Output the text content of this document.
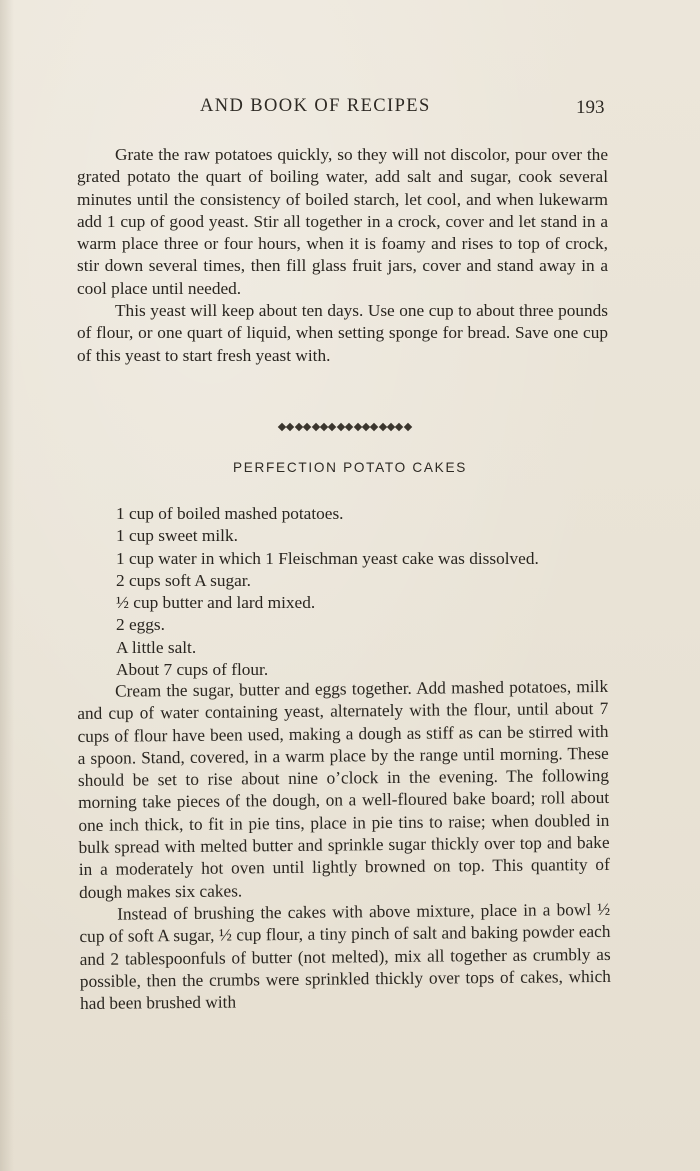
AND BOOK OF RECIPES	193

Grate the raw potatoes quickly, so they will not discolor, pour over the grated potato the quart of boiling water, add salt and sugar, cook several minutes until the consistency of boiled starch, let cool, and when lukewarm add 1 cup of good yeast. Stir all together in a crock, cover and let stand in a warm place three or four hours, when it is foamy and rises to top of crock, stir down several times, then fill glass fruit jars, cover and stand away in a cool place until needed.

This yeast will keep about ten days. Use one cup to about three pounds of flour, or one quart of liquid, when setting sponge for bread. Save one cup of this yeast to start fresh yeast with.

PERFECTION POTATO CAKES
1 cup of boiled mashed potatoes.
1 cup sweet milk.
1 cup water in which 1 Fleischman yeast cake was dissolved.
2 cups soft A sugar.
½ cup butter and lard mixed.
2 eggs.
A little salt.
About 7 cups of flour.

Cream the sugar, butter and eggs together. Add mashed potatoes, milk and cup of water containing yeast, alternately with the flour, until about 7 cups of flour have been used, making a dough as stiff as can be stirred with a spoon. Stand, covered, in a warm place by the range until morning. These should be set to rise about nine o’clock in the evening. The following morning take pieces of the dough, on a well-floured bake board; roll about one inch thick, to fit in pie tins, place in pie tins to raise; when doubled in bulk spread with melted butter and sprinkle sugar thickly over top and bake in a moderately hot oven until lightly browned on top. This quantity of dough makes six cakes.

Instead of brushing the cakes with above mixture, place in a bowl ½ cup of soft A sugar, ½ cup flour, a tiny pinch of salt and baking powder each and 2 tablespoonfuls of butter (not melted), mix all together as crumbly as possible, then the crumbs were sprinkled thickly over tops of cakes, which had been brushed with
